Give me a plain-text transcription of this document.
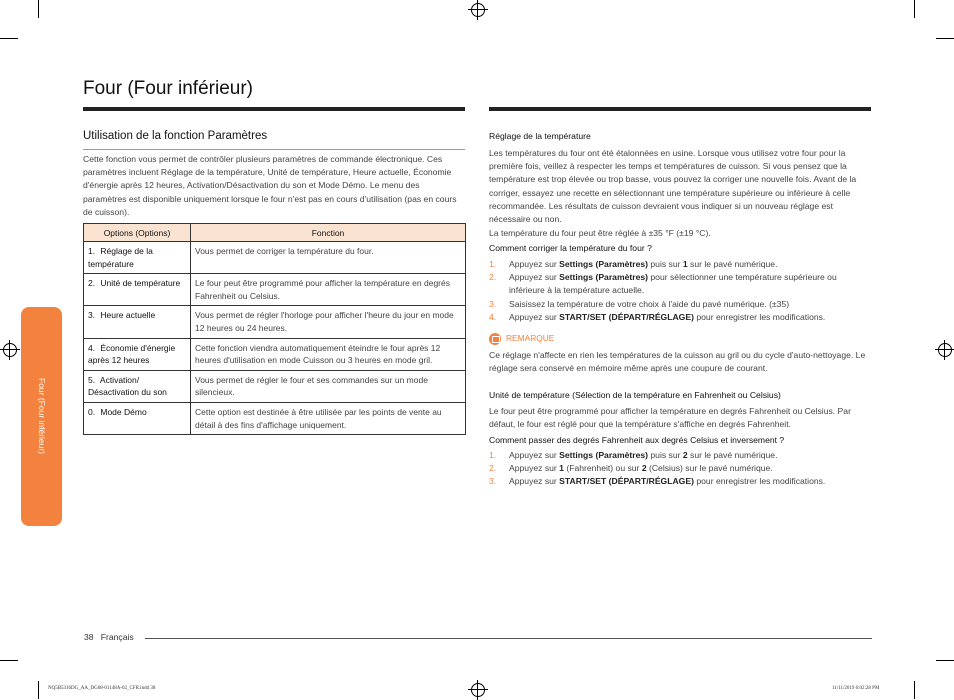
Four (Four inférieur)
Utilisation de la fonction Paramètres
Cette fonction vous permet de contrôler plusieurs paramètres de commande électronique. Ces paramètres incluent Réglage de la température, Unité de température, Heure actuelle, Économie d'énergie après 12 heures, Activation/Désactivation du son et Mode Démo. Le menu des paramètres est disponible uniquement lorsque le four n'est pas en cours d'utilisation (pas en cours de cuisson).
Options (Options)	Fonction
1. Réglage de la température	Vous permet de corriger la température du four.
2. Unité de température	Le four peut être programmé pour afficher la température en degrés Fahrenheit ou Celsius.
3. Heure actuelle	Vous permet de régler l'horloge pour afficher l'heure du jour en mode 12 heures ou 24 heures.
4. Économie d'énergie après 12 heures	Cette fonction viendra automatiquement éteindre le four après 12 heures d'utilisation en mode Cuisson ou 3 heures en mode gril.
5. Activation/ Désactivation du son	Vous permet de régler le four et ses commandes sur un mode silencieux.
0. Mode Démo	Cette option est destinée à être utilisée par les points de vente au détail à des fins d'affichage uniquement.
Four (Four inférieur)
Réglage de la température
Les températures du four ont été étalonnées en usine. Lorsque vous utilisez votre four pour la première fois, veillez à respecter les temps et températures de cuisson. Si vous pensez que la température est trop élevée ou trop basse, vous pouvez la corriger une nouvelle fois. Avant de la corriger, essayez une recette en sélectionnant une température supérieure ou inférieure à celle recommandée. Les résultats de cuisson devraient vous indiquer si un nouveau réglage est nécessaire ou non.
La température du four peut être réglée à ±35 °F (±19 °C).
Comment corriger la température du four ?
1. Appuyez sur Settings (Paramètres) puis sur 1 sur le pavé numérique.
2. Appuyez sur Settings (Paramètres) pour sélectionner une température supérieure ou inférieure à la température actuelle.
3. Saisissez la température de votre choix à l'aide du pavé numérique. (±35)
4. Appuyez sur START/SET (DÉPART/RÉGLAGE) pour enregistrer les modifications.
REMARQUE
Ce réglage n'affecte en rien les températures de la cuisson au gril ou du cycle d'auto-nettoyage. Le réglage sera conservé en mémoire même après une coupure de courant.
Unité de température (Sélection de la température en Fahrenheit ou Celsius)
Le four peut être programmé pour afficher la température en degrés Fahrenheit ou Celsius. Par défaut, le four est réglé pour que la température s'affiche en degrés Fahrenheit.
Comment passer des degrés Fahrenheit aux degrés Celsius et inversement ?
1. Appuyez sur Settings (Paramètres) puis sur 2 sur le pavé numérique.
2. Appuyez sur 1 (Fahrenheit) ou sur 2 (Celsius) sur le pavé numérique.
3. Appuyez sur START/SET (DÉPART/RÉGLAGE) pour enregistrer les modifications.
38 Français
NQ5B5316DG_AA_DG68-01148A-02_CFR.indd 38	11/11/2019 6:02:28 PM
